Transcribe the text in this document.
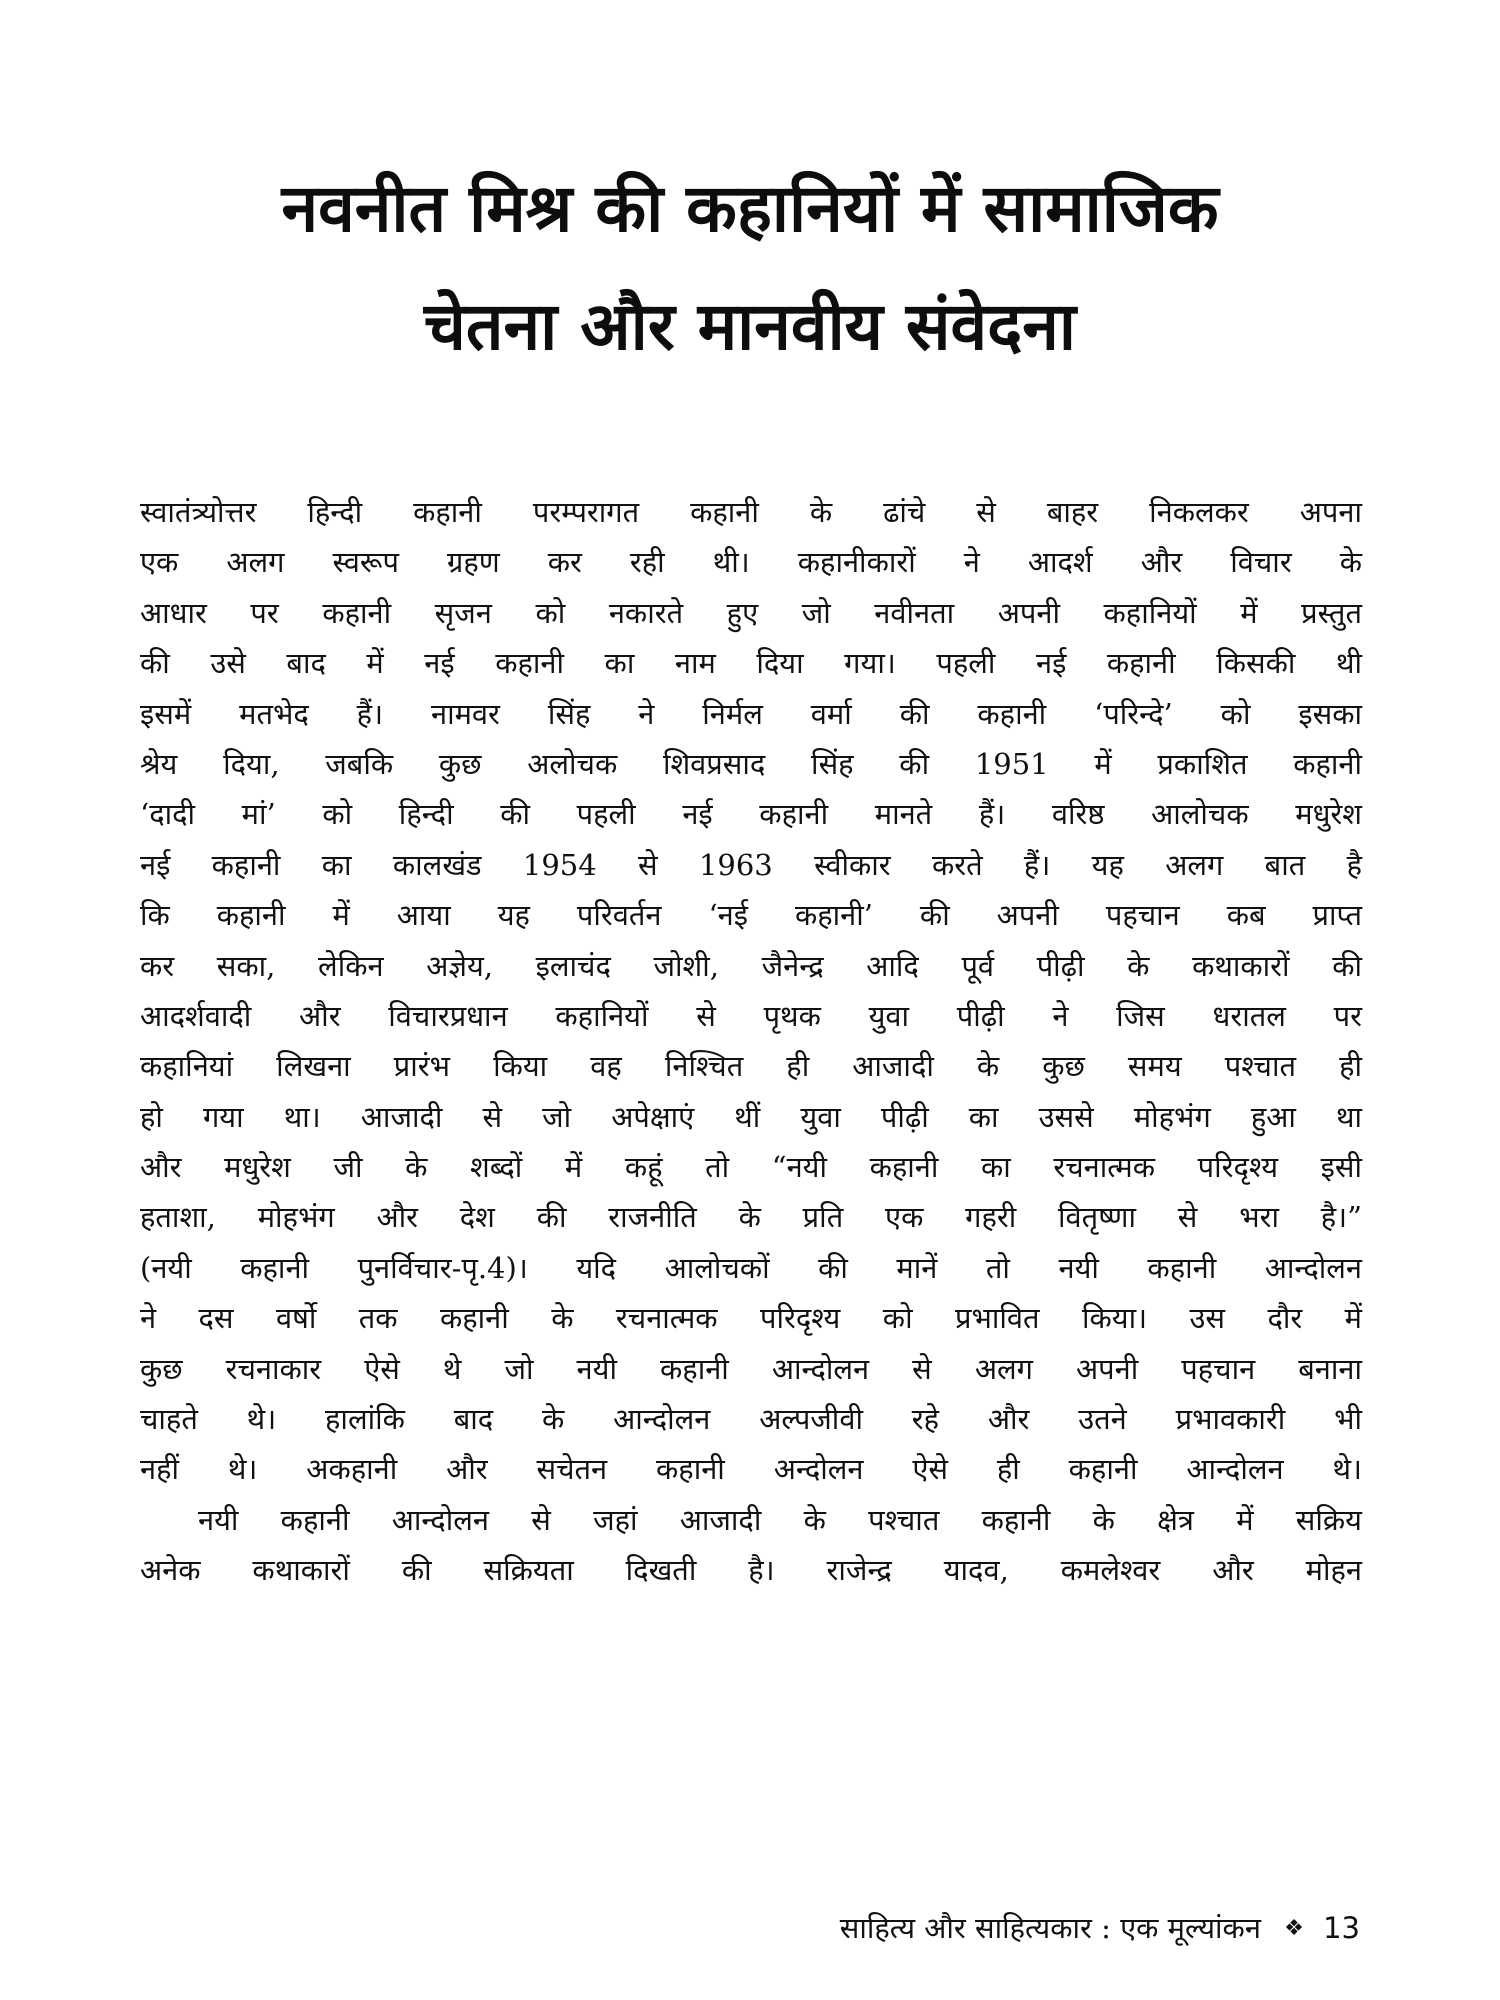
नवनीत मिश्र की कहानियों में सामाजिक
चेतना और मानवीय संवेदना
स्वातंत्र्योत्तर हिन्दी कहानी परम्परागत कहानी के ढांचे से बाहर निकलकर अपना
एक अलग स्वरूप ग्रहण कर रही थी। कहानीकारों ने आदर्श और विचार के
आधार पर कहानी सृजन को नकारते हुए जो नवीनता अपनी कहानियों में प्रस्तुत
की उसे बाद में नई कहानी का नाम दिया गया। पहली नई कहानी किसकी थी
इसमें मतभेद हैं। नामवर सिंह ने निर्मल वर्मा की कहानी ‘परिन्दे’ को इसका
श्रेय दिया, जबकि कुछ अलोचक शिवप्रसाद सिंह की 1951 में प्रकाशित कहानी
‘दादी मां’ को हिन्दी की पहली नई कहानी मानते हैं। वरिष्ठ आलोचक मधुरेश
नई कहानी का कालखंड 1954 से 1963 स्वीकार करते हैं। यह अलग बात है
कि कहानी में आया यह परिवर्तन ‘नई कहानी’ की अपनी पहचान कब प्राप्त
कर सका, लेकिन अज्ञेय, इलाचंद जोशी, जैनेन्द्र आदि पूर्व पीढ़ी के कथाकारों की
आदर्शवादी और विचारप्रधान कहानियों से पृथक युवा पीढ़ी ने जिस धरातल पर
कहानियां लिखना प्रारंभ किया वह निश्चित ही आजादी के कुछ समय पश्चात ही
हो गया था। आजादी से जो अपेक्षाएं थीं युवा पीढ़ी का उससे मोहभंग हुआ था
और मधुरेश जी के शब्दों में कहूं तो “नयी कहानी का रचनात्मक परिदृश्य इसी
हताशा, मोहभंग और देश की राजनीति के प्रति एक गहरी वितृष्णा से भरा है।”
(नयी कहानी पुनर्विचार-पृ.4)। यदि आलोचकों की मानें तो नयी कहानी आन्दोलन
ने दस वर्षो तक कहानी के रचनात्मक परिदृश्य को प्रभावित किया। उस दौर में
कुछ रचनाकार ऐसे थे जो नयी कहानी आन्दोलन से अलग अपनी पहचान बनाना
चाहते थे। हालांकि बाद के आन्दोलन अल्पजीवी रहे और उतने प्रभावकारी भी
नहीं थे। अकहानी और सचेतन कहानी अन्दोलन ऐसे ही कहानी आन्दोलन थे।
नयी कहानी आन्दोलन से जहां आजादी के पश्चात कहानी के क्षेत्र में सक्रिय
अनेक कथाकारों की सक्रियता दिखती है। राजेन्द्र यादव, कमलेश्वर और मोहन
साहित्य और साहित्यकार : एक मूल्यांकन ❖ 13
